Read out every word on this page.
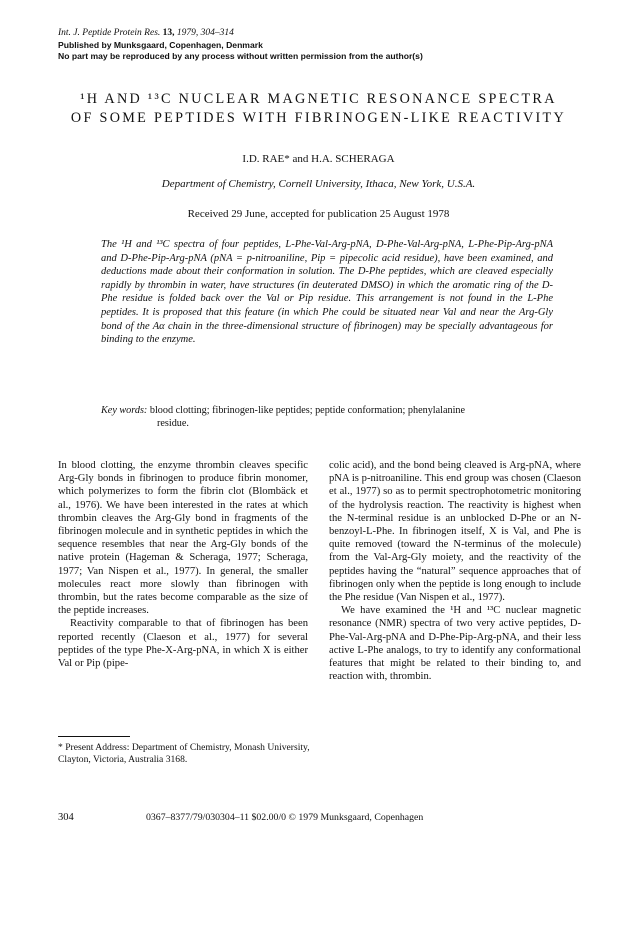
Int. J. Peptide Protein Res. 13, 1979, 304–314
Published by Munksgaard, Copenhagen, Denmark
No part may be reproduced by any process without written permission from the author(s)
¹H AND ¹³C NUCLEAR MAGNETIC RESONANCE SPECTRA
OF SOME PEPTIDES WITH FIBRINOGEN-LIKE REACTIVITY
I.D. RAE* and H.A. SCHERAGA
Department of Chemistry, Cornell University, Ithaca, New York, U.S.A.
Received 29 June, accepted for publication 25 August 1978
The ¹H and ¹³C spectra of four peptides, L-Phe-Val-Arg-pNA, D-Phe-Val-Arg-pNA, L-Phe-Pip-Arg-pNA and D-Phe-Pip-Arg-pNA (pNA = p-nitroaniline, Pip = pipecolic acid residue), have been examined, and deductions made about their conformation in solution. The D-Phe peptides, which are cleaved especially rapidly by thrombin in water, have structures (in deuterated DMSO) in which the aromatic ring of the D-Phe residue is folded back over the Val or Pip residue. This arrangement is not found in the L-Phe peptides. It is proposed that this feature (in which Phe could be situated near Val and near the Arg-Gly bond of the Aα chain in the three-dimensional structure of fibrinogen) may be specially advantageous for binding to the enzyme.
Key words: blood clotting; fibrinogen-like peptides; peptide conformation; phenylalanine
residue.

In blood clotting, the enzyme thrombin cleaves specific Arg-Gly bonds in fibrinogen to produce fibrin monomer, which polymerizes to form the fibrin clot (Blombäck et al., 1976). We have been interested in the rates at which thrombin cleaves the Arg-Gly bond in fragments of the fibrinogen molecule and in synthetic peptides in which the sequence resembles that near the Arg-Gly bonds of the native protein (Hageman & Scheraga, 1977; Scheraga, 1977; Van Nispen et al., 1977). In general, the smaller molecules react more slowly than fibrinogen with thrombin, but the rates become comparable as the size of the peptide increases.

Reactivity comparable to that of fibrinogen has been reported recently (Claeson et al., 1977) for several peptides of the type Phe-X-Arg-pNA, in which X is either Val or Pip (pipe-

colic acid), and the bond being cleaved is Arg-pNA, where pNA is p-nitroaniline. This end group was chosen (Claeson et al., 1977) so as to permit spectrophotometric monitoring of the hydrolysis reaction. The reactivity is highest when the N-terminal residue is an unblocked D-Phe or an N-benzoyl-L-Phe. In fibrinogen itself, X is Val, and Phe is quite removed (toward the N-terminus of the molecule) from the Val-Arg-Gly moiety, and the reactivity of the peptides having the “natural” sequence approaches that of fibrinogen only when the peptide is long enough to include the Phe residue (Van Nispen et al., 1977).

We have examined the ¹H and ¹³C nuclear magnetic resonance (NMR) spectra of two very active peptides, D-Phe-Val-Arg-pNA and D-Phe-Pip-Arg-pNA, and their less active L-Phe analogs, to try to identify any conformational features that might be related to their binding to, and reaction with, thrombin.

* Present Address: Department of Chemistry, Monash University, Clayton, Victoria, Australia 3168.
304	0367–8377/79/030304–11 $02.00/0 © 1979 Munksgaard, Copenhagen
